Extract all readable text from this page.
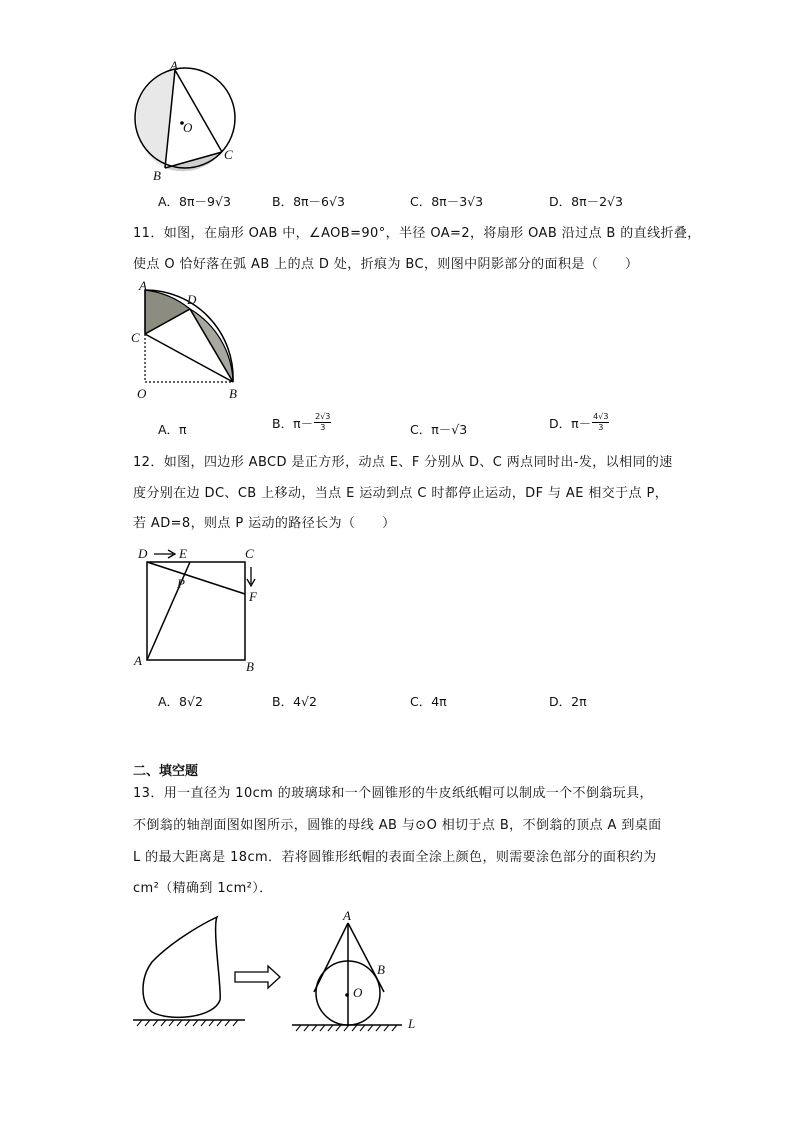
A
O
B
C
A．8π－9√3	B．8π－6√3	C．8π－3√3	D．8π－2√3
11．如图，在扇形 OAB 中，∠AOB=90°，半径 OA=2，将扇形 OAB 沿过点 B 的直线折叠，
使点 O 恰好落在弧 AB 上的点 D 处，折痕为 BC，则图中阴影部分的面积是（　　）
A
D
C
O	B
A．π	B．$\pi- \frac{2√3}{3}$	C．π－√3	D．$\pi- \frac{4√3}{3}$
12．如图，四边形 ABCD 是正方形，动点 E、F 分别从 D、C 两点同时出-发，以相同的速
度分别在边 DC、CB 上移动，当点 E 运动到点 C 时都停止运动，DF 与 AE 相交于点 P，
若 AD=8，则点 P 运动的路径长为（　　）
D E	C
P
F
A	B
A．8√2	B．4√2	C．4π	D．2π
二、填空题
13．用一直径为 10cm 的玻璃球和一个圆锥形的牛皮纸纸帽可以制成一个不倒翁玩具，
不倒翁的轴剖面图如图所示，圆锥的母线 AB 与⊙O 相切于点 B，不倒翁的顶点 A 到桌面
L 的最大距离是 18cm．若将圆锥形纸帽的表面全涂上颜色，则需要涂色部分的面积约为
cm²（精确到 1cm²）．
A
B
O
L
